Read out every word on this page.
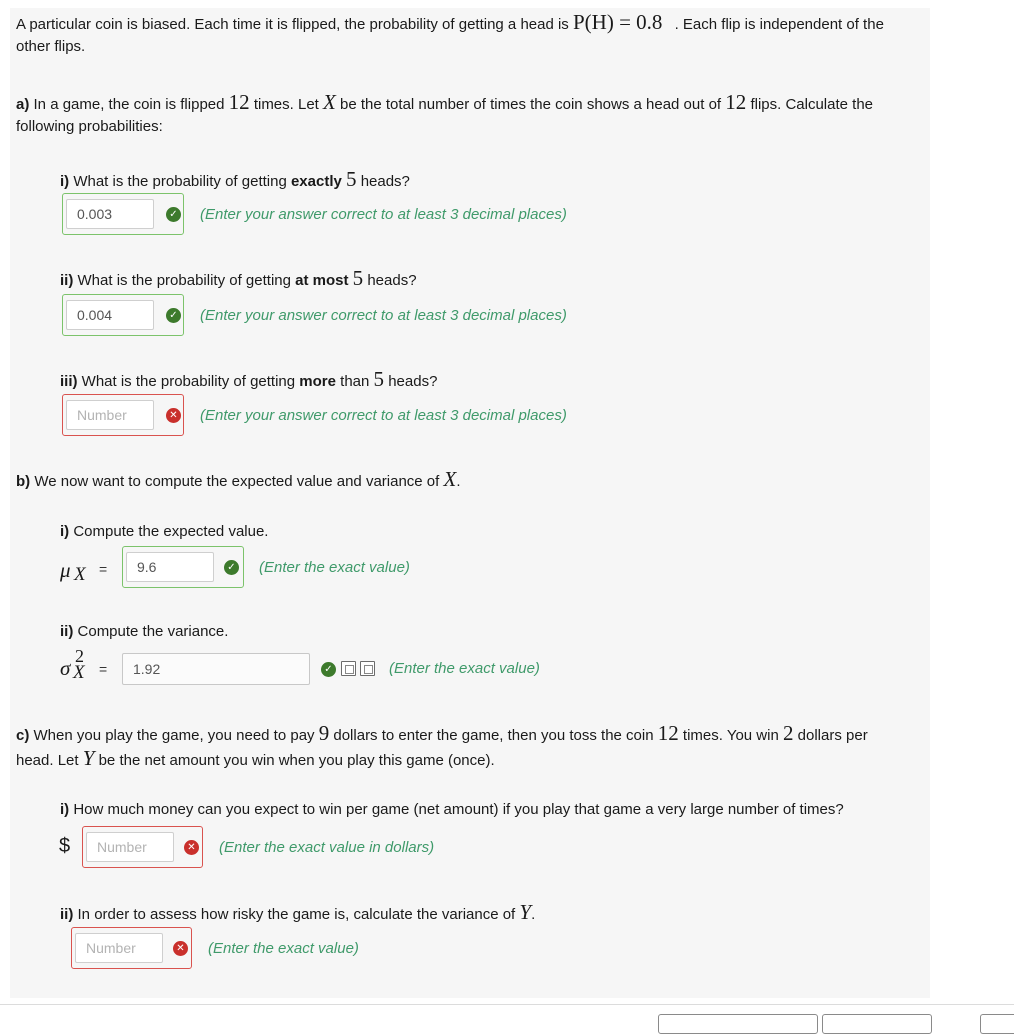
A particular coin is biased. Each time it is flipped, the probability of getting a head is P(H) = 0.8 . Each flip is independent of the
other flips.
a) In a game, the coin is flipped 12 times. Let X be the total number of times the coin shows a head out of 12 flips. Calculate the
following probabilities:
i) What is the probability of getting exactly 5 heads?
0.003
✓ (Enter your answer correct to at least 3 decimal places)
ii) What is the probability of getting at most 5 heads?
0.004
✓ (Enter your answer correct to at least 3 decimal places)
iii) What is the probability of getting more than 5 heads?
Number
✕ (Enter your answer correct to at least 3 decimal places)
b) We now want to compute the expected value and variance of X.
i) Compute the expected value.
μ X =
9.6	✓ (Enter the exact value)
ii) Compute the variance.
σ 2
X =
1.92	✓	(Enter the exact value)
c) When you play the game, you need to pay 9 dollars to enter the game, then you toss the coin 12 times. You win 2 dollars per
head. Let Y be the net amount you win when you play this game (once).
i) How much money can you expect to win per game (net amount) if you play that game a very large number of times?
$
Number	✕ (Enter the exact value in dollars)
ii) In order to assess how risky the game is, calculate the variance of Y.
Number
✕ (Enter the exact value)
